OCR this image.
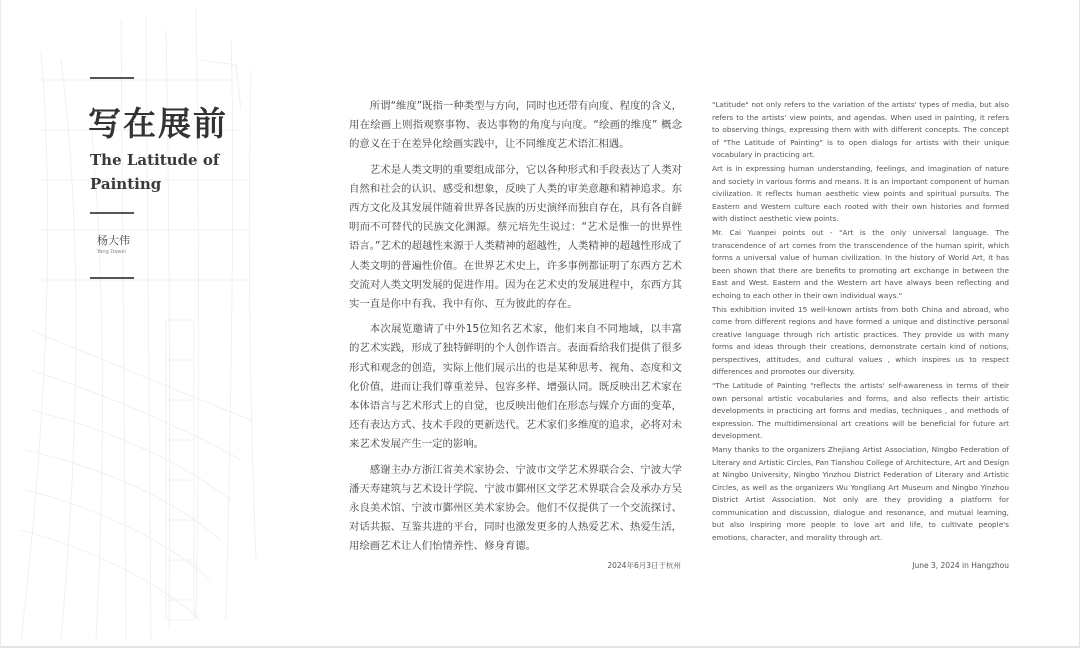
写在展前
The Latitude of Painting
杨大伟
Yang Dawei

所谓“维度”既指一种类型与方向，同时也还带有向度、程度的含义，用在绘画上则指观察事物、表达事物的角度与向度。“绘画的维度” 概念的意义在于在差异化绘画实践中，让不同维度艺术语汇相遇。

艺术是人类文明的重要组成部分，它以各种形式和手段表达了人类对自然和社会的认识、感受和想象，反映了人类的审美意趣和精神追求。东西方文化及其发展伴随着世界各民族的历史演绎而独自存在，具有各自鲜明而不可替代的民族文化渊源。蔡元培先生说过：“艺术是惟一的世界性语言。”艺术的超越性来源于人类精神的超越性，人类精神的超越性形成了人类文明的普遍性价值。在世界艺术史上，许多事例都证明了东西方艺术交流对人类文明发展的促进作用。因为在艺术史的发展进程中，东西方其实一直是你中有我、我中有你、互为彼此的存在。

本次展览邀请了中外15位知名艺术家，他们来自不同地域，以丰富的艺术实践，形成了独特鲜明的个人创作语言。表面看给我们提供了很多形式和观念的创造，实际上他们展示出的也是某种思考、视角、态度和文化价值，进而让我们尊重差异、包容多样、增强认同。既反映出艺术家在本体语言与艺术形式上的自觉，也反映出他们在形态与媒介方面的变革，还有表达方式、技术手段的更新迭代。艺术家们多维度的追求，必将对未来艺术发展产生一定的影响。

感谢主办方浙江省美术家协会、宁波市文学艺术界联合会、宁波大学潘天寿建筑与艺术设计学院、宁波市鄞州区文学艺术界联合会及承办方吴永良美术馆、宁波市鄞州区美术家协会。他们不仅提供了一个交流探讨、对话共振、互鉴共进的平台，同时也激发更多的人热爱艺术、热爱生活，用绘画艺术让人们怡情养性、修身育德。

2024年6月3日于杭州

"Latitude" not only refers to the variation of the artists' types of media, but also refers to the artists' view points, and agendas. When used in painting, it refers to observing things, expressing them with with different concepts. The concept of "The Latitude of Painting" is to open dialogs for artists with their unique vocabulary in practicing art.

Art is in expressing human understanding, feelings, and imagination of nature and society in various forms and means. It is an important component of human civilization. It reflects human aesthetic view points and spiritual pursuits. The Eastern and Western culture each rooted with their own histories and formed with distinct aesthetic view points.

Mr. Cai Yuanpei points out - "Art is the only universal language. The transcendence of art comes from the transcendence of the human spirit, which forms a universal value of human civilization. In the history of World Art, it has been shown that there are benefits to promoting art exchange in between the East and West. Eastern and the Western art have always been reflecting and echoing to each other in their own individual ways."

This exhibition invited 15 well-known artists from both China and abroad, who come from different regions and have formed a unique and distinctive personal creative language through rich artistic practices. They provide us with many forms and ideas through their creations, demonstrate certain kind of notions, perspectives, attitudes, and cultural values , which inspires us to respect differences and promotes our diversity.

"The Latitude of Painting "reflects the artists' self-awareness in terms of their own personal artistic vocabularies and forms, and also reflects their artistic developments in practicing art forms and medias, techniques , and methods of expression. The multidimensional art creations will be beneficial for future art development.

Many thanks to the organizers Zhejiang Artist Association, Ningbo Federation of Literary and Artistic Circles, Pan Tianshou College of Architecture, Art and Design at Ningbo University, Ningbo Yinzhou District Federation of Literary and Artistic Circles, as well as the organizers Wu Yongliang Art Museum and Ningbo Yinzhou District Artist Association. Not only are they providing a platform for communication and discussion, dialogue and resonance, and mutual learning, but also inspiring more people to love art and life, to cultivate people's emotions, character, and morality through art.

June 3, 2024 in Hangzhou
